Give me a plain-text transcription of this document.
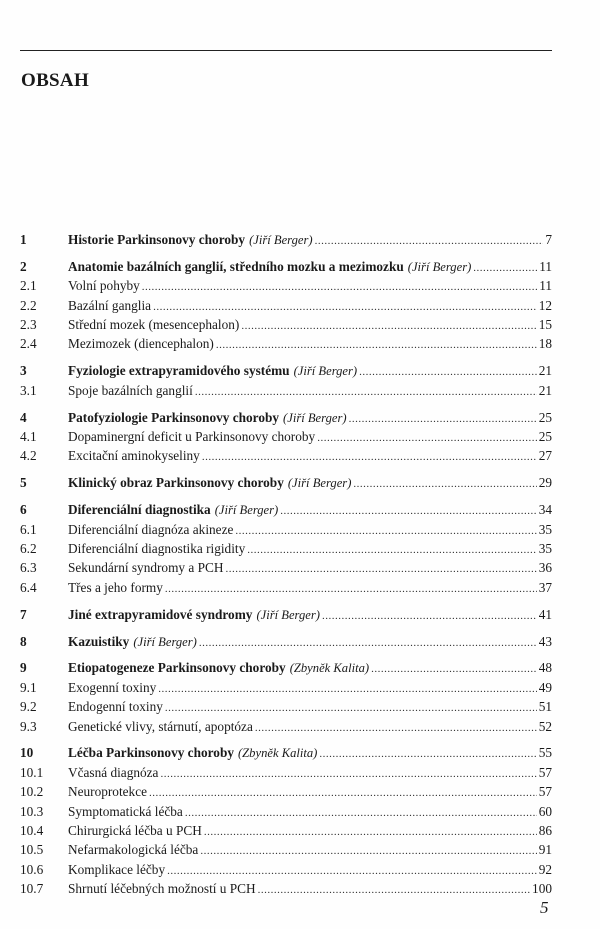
OBSAH
1	Historie Parkinsonovy choroby (Jiří Berger) .....	7
2	Anatomie bazálních ganglií, středního mozku a mezimozku (Jiří Berger) .....	11
2.1	Volní pohyby .....	11
2.2	Bazální ganglia .....	12
2.3	Střední mozek (mesencephalon) .....	15
2.4	Mezimozek (diencephalon) .....	18
3	Fyziologie extrapyramidového systému (Jiří Berger) .....	21
3.1	Spoje bazálních ganglií .....	21
4	Patofyziologie Parkinsonovy choroby (Jiří Berger) .....	25
4.1	Dopaminergní deficit u Parkinsonovy choroby .....	25
4.2	Excitační aminokyseliny .....	27
5	Klinický obraz Parkinsonovy choroby (Jiří Berger) .....	29
6	Diferenciální diagnostika (Jiří Berger) .....	34
6.1	Diferenciální diagnóza akineze .....	35
6.2	Diferenciální diagnostika rigidity .....	35
6.3	Sekundární syndromy a PCH .....	36
6.4	Třes a jeho formy .....	37
7	Jiné extrapyramidové syndromy (Jiří Berger) .....	41
8	Kazuistiky (Jiří Berger) .....	43
9	Etiopatogeneze Parkinsonovy choroby (Zbyněk Kalita) .....	48
9.1	Exogenní toxiny .....	49
9.2	Endogenní toxiny .....	51
9.3	Genetické vlivy, stárnutí, apoptóza .....	52
10	Léčba Parkinsonovy choroby (Zbyněk Kalita) .....	55
10.1	Včasná diagnóza .....	57
10.2	Neuroprotekce .....	57
10.3	Symptomatická léčba .....	60
10.4	Chirurgická léčba u PCH .....	86
10.5	Nefarmakologická léčba .....	91
10.6	Komplikace léčby .....	92
10.7	Shrnutí léčebných možností u PCH .....	100
5
